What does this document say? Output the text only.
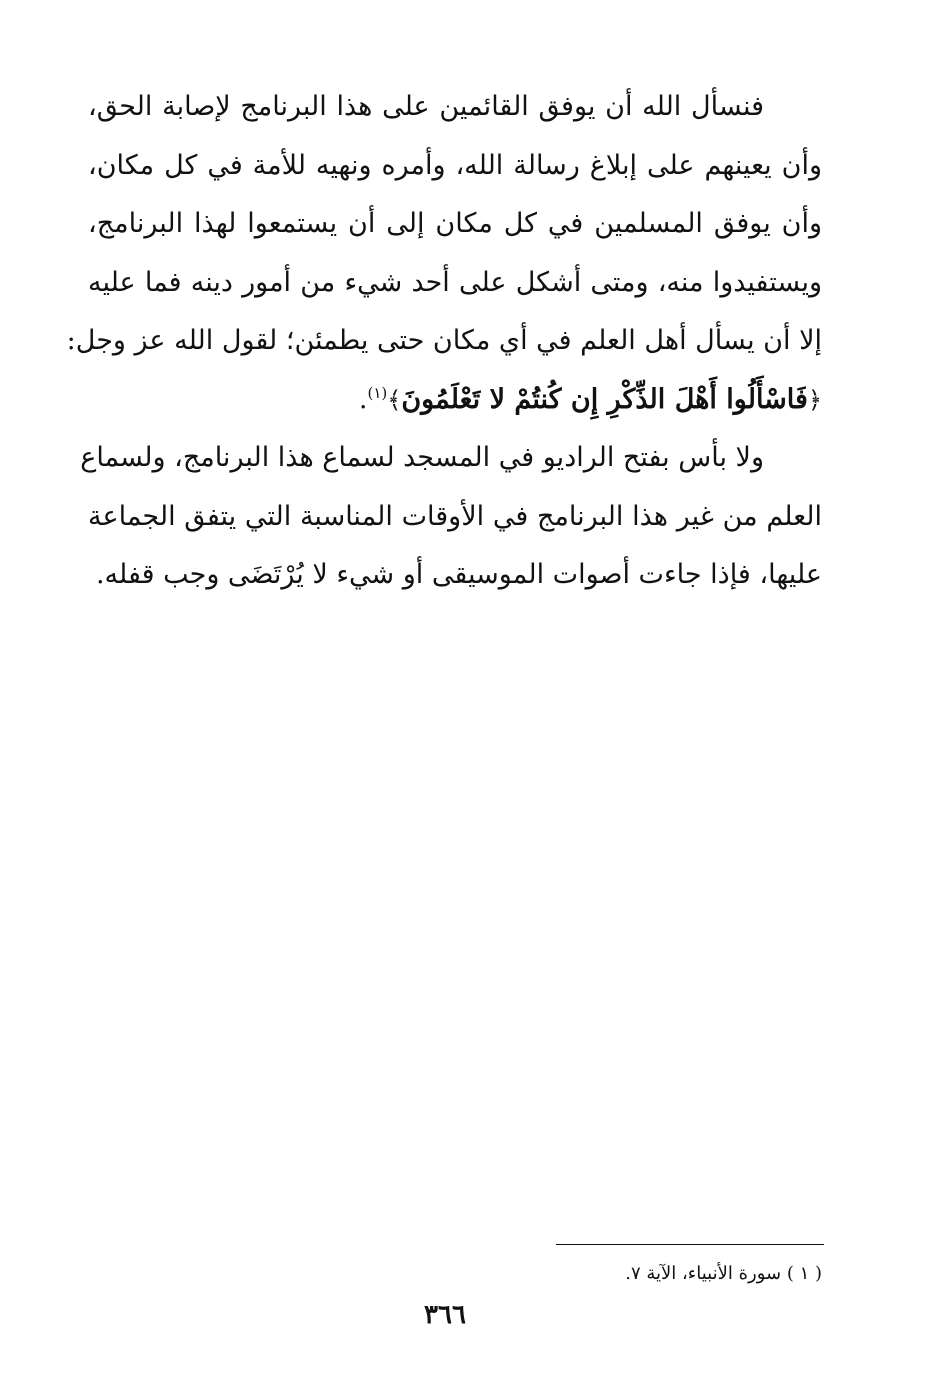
فنسأل الله أن يوفق القائمين على هذا البرنامج لإصابة الحق،
وأن يعينهم على إبلاغ رسالة الله، وأمره ونهيه للأمة في كل مكان،
وأن يوفق المسلمين في كل مكان إلى أن يستمعوا لهذا البرنامج،
ويستفيدوا منه، ومتى أشكل على أحد شيء من أمور دينه فما عليه
إلا أن يسأل أهل العلم في أي مكان حتى يطمئن؛ لقول الله عز وجل:
﴿فَاسْأَلُوا أَهْلَ الذِّكْرِ إِن كُنتُمْ لا تَعْلَمُونَ﴾$^{(١)}$.

ولا بأس بفتح الراديو في المسجد لسماع هذا البرنامج، ولسماع
العلم من غير هذا البرنامج في الأوقات المناسبة التي يتفق الجماعة
عليها، فإذا جاءت أصوات الموسيقى أو شيء لا يُرْتَضَى وجب قفله.

( ١ ) سورة الأنبياء، الآية ٧.
٣٦٦
